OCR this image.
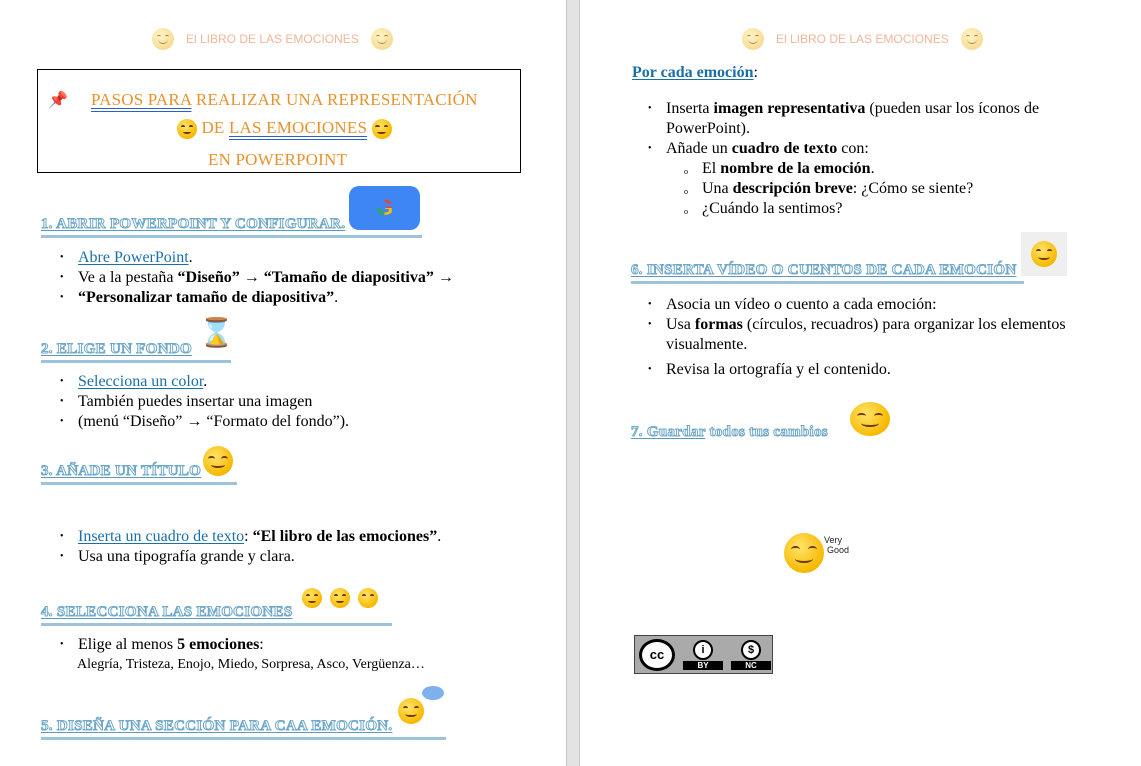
El LIBRO DE LAS EMOCIONES
📌 PASOS PARA REALIZAR UNA REPRESENTACIÓN
DE LAS EMOCIONES
EN POWERPOINT
1. ABRIR POWERPOINT Y CONFIGURAR.
G
• Abre PowerPoint.
• Ve a la pestaña “Diseño” → “Tamaño de diapositiva” →
• “Personalizar tamaño de diapositiva”.
2. ELIGE UN FONDO ⌛
• Selecciona un color.
• También puedes insertar una imagen
• (menú “Diseño” → “Formato del fondo”).
3. AÑADE UN TÍTULO
• Inserta un cuadro de texto: “El libro de las emociones”.
• Usa una tipografía grande y clara.
4. SELECCIONA LAS EMOCIONES
• Elige al menos 5 emociones:
Alegría, Tristeza, Enojo, Miedo, Sorpresa, Asco, Vergüenza…
5. DISEÑA UNA SECCIÓN PARA CAA EMOCIÓN.
El LIBRO DE LAS EMOCIONES
Por cada emoción:
• Inserta imagen representativa (pueden usar los íconos de PowerPoint).
• Añade un cuadro de texto con:
o El nombre de la emoción.
o Una descripción breve: ¿Cómo se siente?
o ¿Cuándo la sentimos?
6. INSERTA VÍDEO O CUENTOS DE CADA EMOCIÓN
• Asocia un vídeo o cuento a cada emoción:
• Usa formas (círculos, recuadros) para organizar los elementos visualmente.
• Revisa la ortografía y el contenido.
7. Guardar todos tus cambios
Very
Good
cc	i
BY
$
NC
